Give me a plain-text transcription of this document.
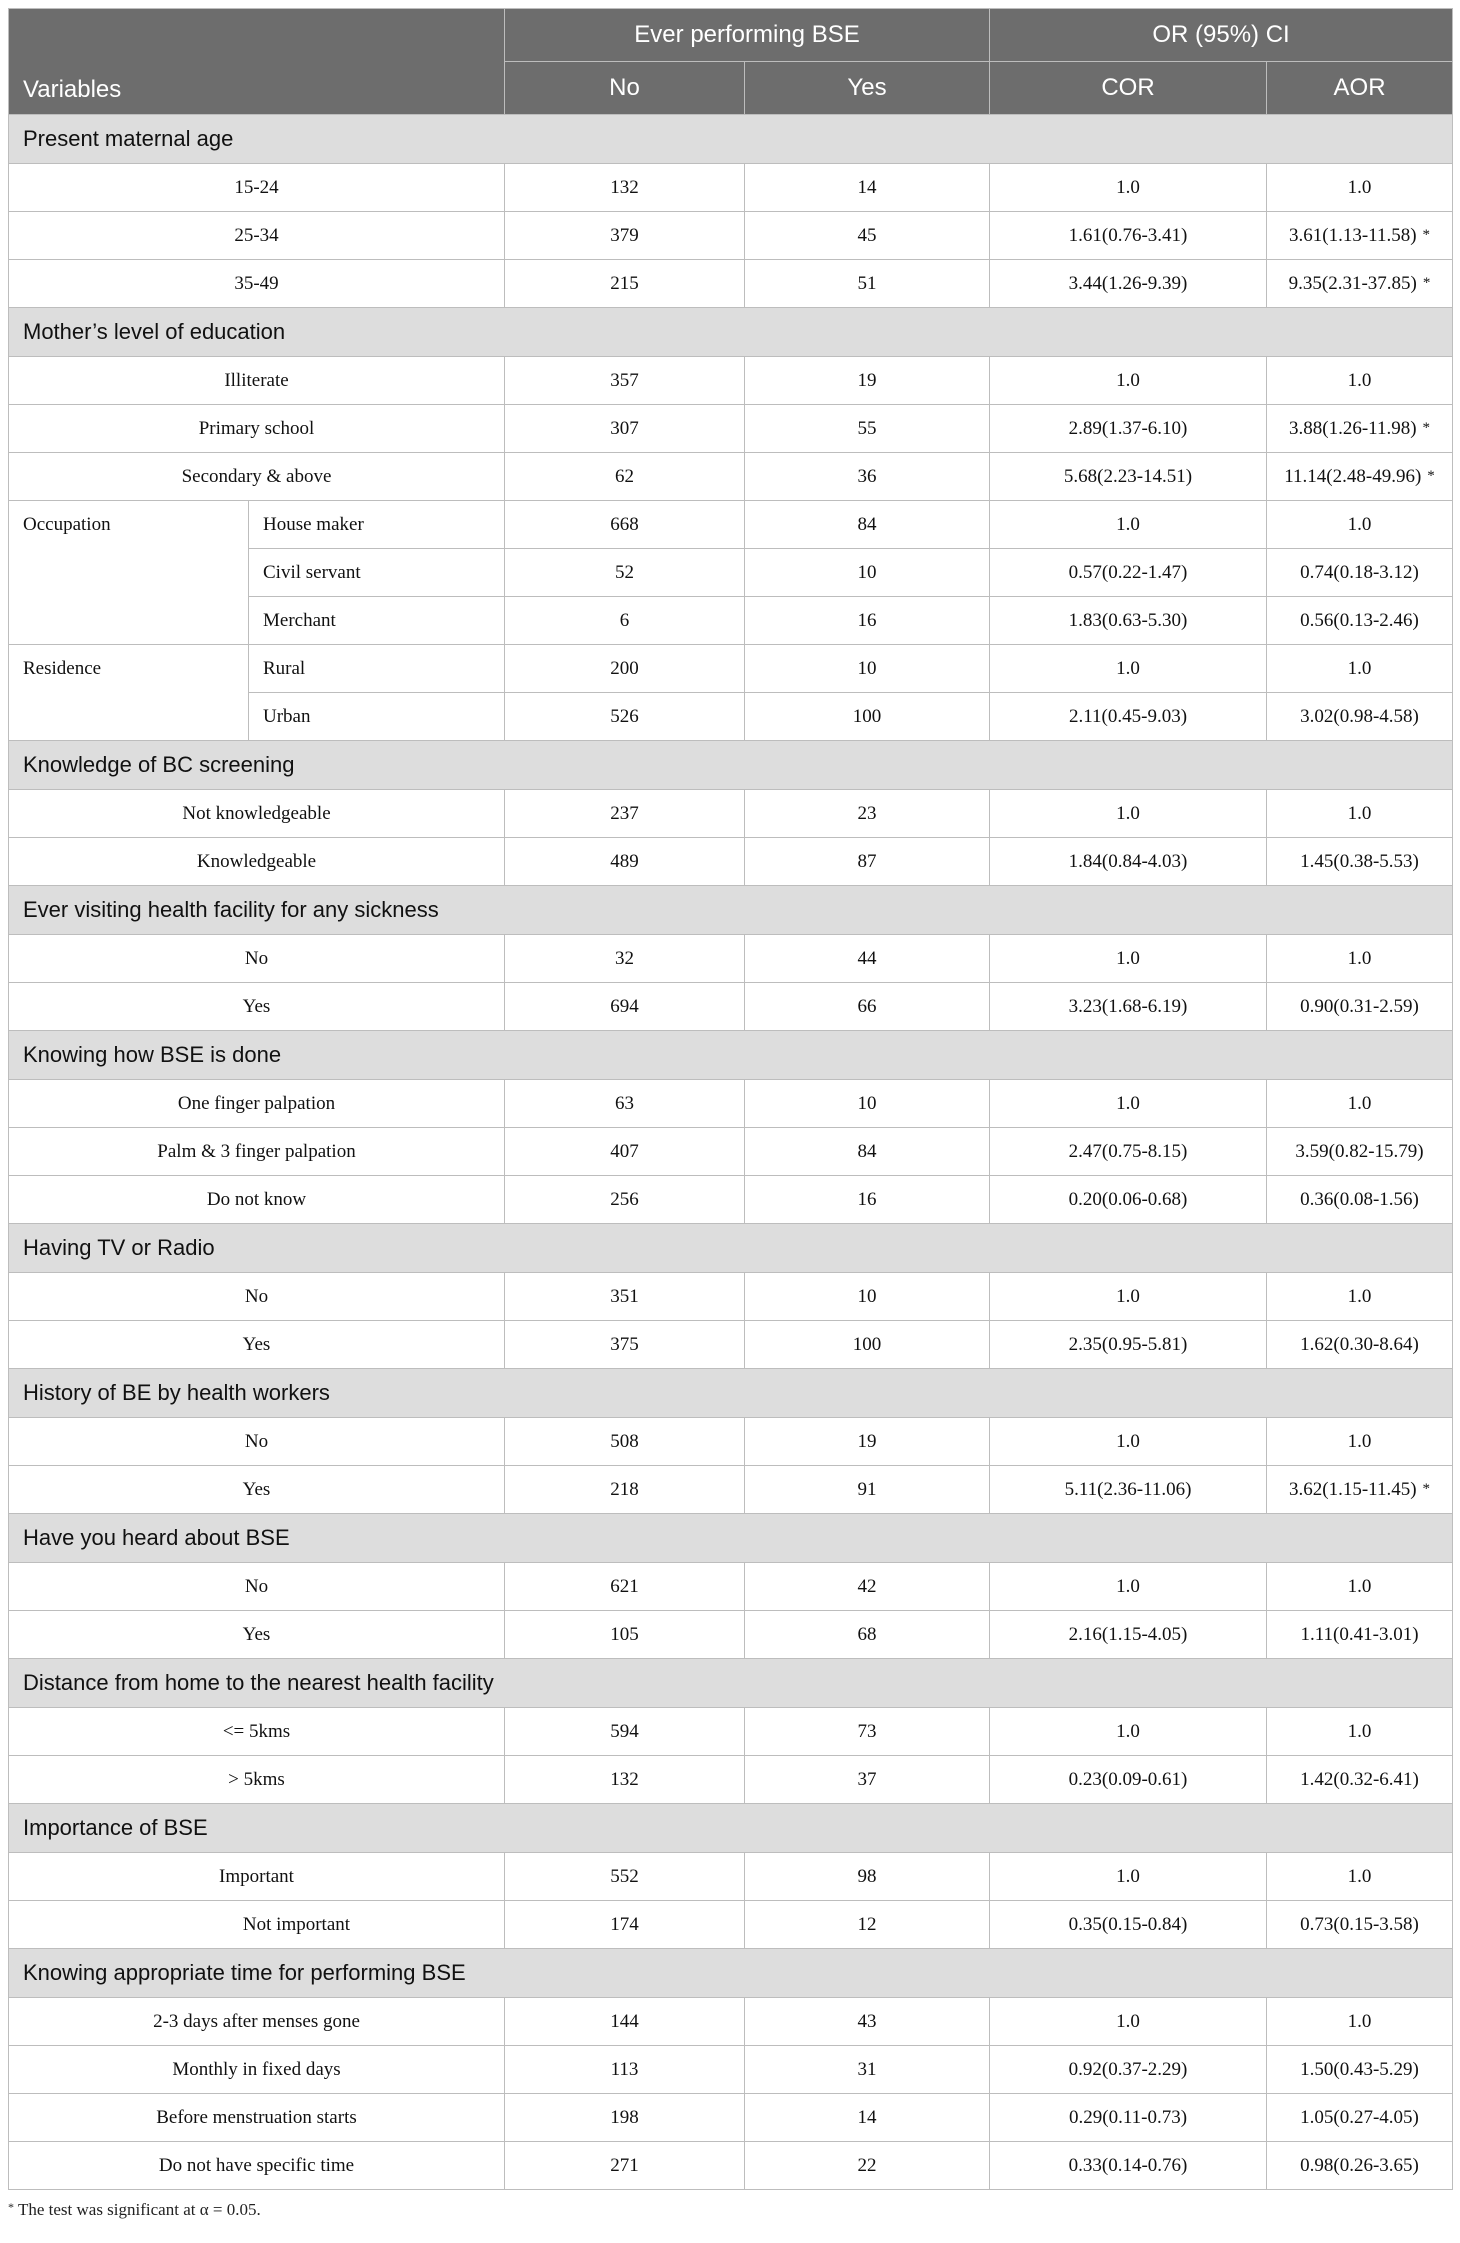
Variables		Ever performing BSE		OR (95%) CI	
		No	Yes	COR	AOR
Present maternal age					
15-24		132	14	1.0	1.0
25-34		379	45	1.61(0.76-3.41)	3.61(1.13-11.58) *
35-49		215	51	3.44(1.26-9.39)	9.35(2.31-37.85) *
Mother’s level of education					
Illiterate		357	19	1.0	1.0
Primary school		307	55	2.89(1.37-6.10)	3.88(1.26-11.98) *
Secondary & above		62	36	5.68(2.23-14.51)	11.14(2.48-49.96) *
Occupation	House maker	668	84	1.0	1.0
	Civil servant	52	10	0.57(0.22-1.47)	0.74(0.18-3.12)
	Merchant	6	16	1.83(0.63-5.30)	0.56(0.13-2.46)
Residence	Rural	200	10	1.0	1.0
	Urban	526	100	2.11(0.45-9.03)	3.02(0.98-4.58)
Knowledge of BC screening					
Not knowledgeable		237	23	1.0	1.0
Knowledgeable		489	87	1.84(0.84-4.03)	1.45(0.38-5.53)
Ever visiting health facility for any sickness					
No		32	44	1.0	1.0
Yes		694	66	3.23(1.68-6.19)	0.90(0.31-2.59)
Knowing how BSE is done					
One finger palpation		63	10	1.0	1.0
Palm & 3 finger palpation		407	84	2.47(0.75-8.15)	3.59(0.82-15.79)
Do not know		256	16	0.20(0.06-0.68)	0.36(0.08-1.56)
Having TV or Radio					
No		351	10	1.0	1.0
Yes		375	100	2.35(0.95-5.81)	1.62(0.30-8.64)
History of BE by health workers					
No		508	19	1.0	1.0
Yes		218	91	5.11(2.36-11.06)	3.62(1.15-11.45) *
Have you heard about BSE					
No		621	42	1.0	1.0
Yes		105	68	2.16(1.15-4.05)	1.11(0.41-3.01)
Distance from home to the nearest health facility					
<= 5kms		594	73	1.0	1.0
> 5kms		132	37	0.23(0.09-0.61)	1.42(0.32-6.41)
Importance of BSE					
Important		552	98	1.0	1.0
Not important		174	12	0.35(0.15-0.84)	0.73(0.15-3.58)
Knowing appropriate time for performing BSE					
2-3 days after menses gone		144	43	1.0	1.0
Monthly in fixed days		113	31	0.92(0.37-2.29)	1.50(0.43-5.29)
Before menstruation starts		198	14	0.29(0.11-0.73)	1.05(0.27-4.05)
Do not have specific time		271	22	0.33(0.14-0.76)	0.98(0.26-3.65)
* The test was significant at α = 0.05.
